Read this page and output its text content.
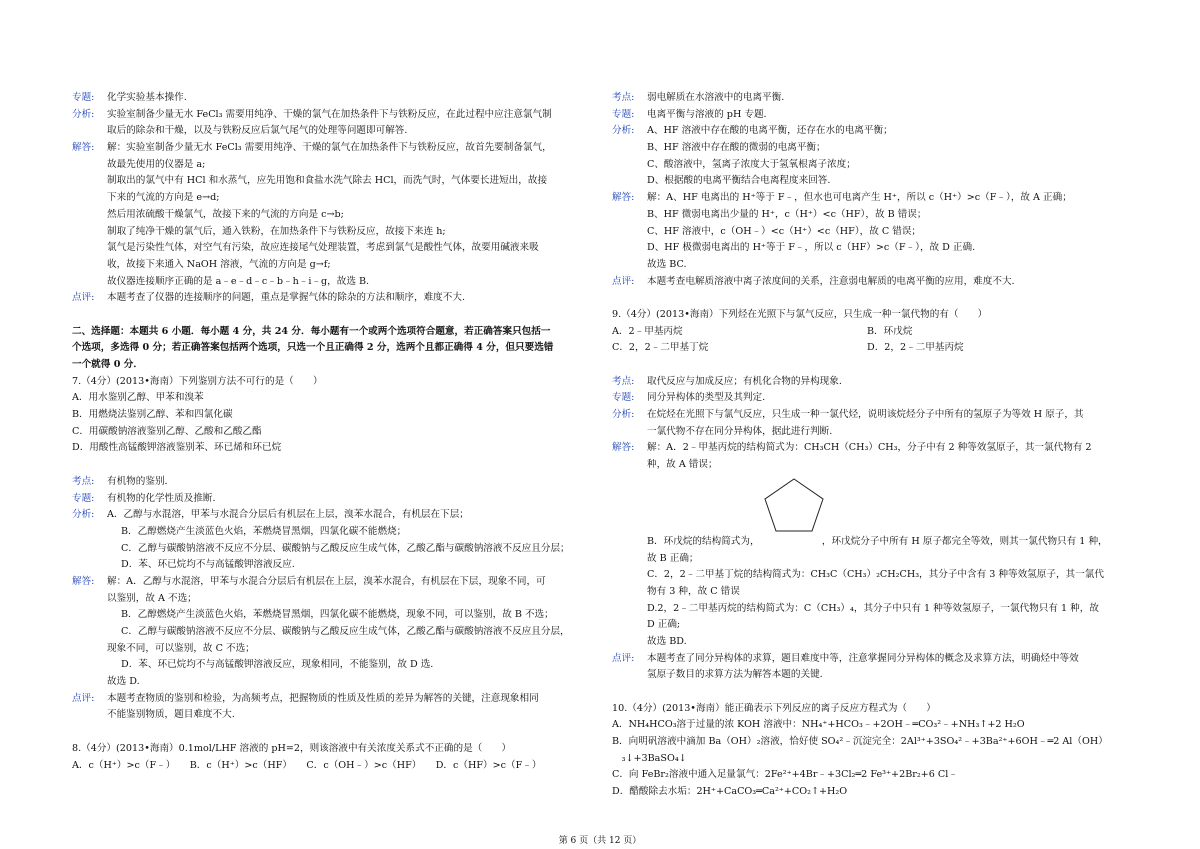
专题: 化学实验基本操作.
分析: 实验室制备少量无水 FeCl₃ 需要用纯净、干燥的氯气在加热条件下与铁粉反应，在此过程中应注意氯气制
取后的除杂和干燥，以及与铁粉反应后氯气尾气的处理等问题即可解答.
解答: 解：实验室制备少量无水 FeCl₃ 需要用纯净、干燥的氯气在加热条件下与铁粉反应，故首先要制备氯气，
故最先使用的仪器是 a;
制取出的氯气中有 HCl 和水蒸气，应先用饱和食盐水洗气除去 HCl，而洗气时，气体要长进短出，故接
下来的气流的方向是 e→d;
然后用浓硫酸干燥氯气，故接下来的气流的方向是 c→b;
制取了纯净干燥的氯气后，通入铁粉，在加热条件下与铁粉反应，故接下来连 h;
氯气是污染性气体，对空气有污染，故应连接尾气处理装置，考虑到氯气是酸性气体，故要用碱液来吸
收，故接下来通入 NaOH 溶液，气流的方向是 g→f;
故仪器连接顺序正确的是 a﹣e﹣d﹣c﹣b﹣h﹣i﹣g，故选 B.
点评: 本题考查了仪器的连接顺序的问题，重点是掌握气体的除杂的方法和顺序，难度不大.
二、选择题：本题共 6 小题．每小题 4 分，共 24 分．每小题有一个或两个选项符合题意，若正确答案只包括一
个选项，多选得 0 分；若正确答案包括两个选项，只选一个且正确得 2 分，选两个且都正确得 4 分，但只要选错
一个就得 0 分．
7.（4分）(2013•海南）下列鉴别方法不可行的是（　　）
A．用水鉴别乙醇、甲苯和溴苯
B．用燃烧法鉴别乙醇、苯和四氯化碳
C．用碳酸钠溶液鉴别乙醇、乙酸和乙酸乙酯
D．用酸性高锰酸钾溶液鉴别苯、环已烯和环已烷
考点: 有机物的鉴别.
专题: 有机物的化学性质及推断.
分析: A．乙醇与水混溶，甲苯与水混合分层后有机层在上层，溴苯水混合，有机层在下层；
B．乙醇燃烧产生淡蓝色火焰，苯燃烧冒黑烟，四氯化碳不能燃烧；
C．乙醇与碳酸钠溶液不反应不分层、碳酸钠与乙酸反应生成气体，乙酸乙酯与碳酸钠溶液不反应且分层；
D．苯、环已烷均不与高锰酸钾溶液反应.
解答: 解：A．乙醇与水混溶，甲苯与水混合分层后有机层在上层，溴苯水混合，有机层在下层，现象不同，可
以鉴别，故 A 不选；
B．乙醇燃烧产生淡蓝色火焰，苯燃烧冒黑烟，四氯化碳不能燃烧，现象不同，可以鉴别，故 B 不选；
C．乙醇与碳酸钠溶液不反应不分层、碳酸钠与乙酸反应生成气体，乙酸乙酯与碳酸钠溶液不反应且分层，
现象不同，可以鉴别，故 C 不选；
D．苯、环已烷均不与高锰酸钾溶液反应，现象相同，不能鉴别，故 D 选.
故选 D.
点评: 本题考查物质的鉴别和检验，为高频考点，把握物质的性质及性质的差异为解答的关键，注意现象相同
不能鉴别物质，题目难度不大.
8.（4分）(2013•海南）0.1mol/LHF 溶液的 pH=2，则该溶液中有关浓度关系式不正确的是（　　）
A．c（H⁺）>c（F﹣）　　B．c（H⁺）>c（HF）　　C．c（OH﹣）>c（HF）　　D．c（HF）>c（F﹣）
考点: 弱电解质在水溶液中的电离平衡.
专题: 电离平衡与溶液的 pH 专题.
分析: A、HF 溶液中存在酸的电离平衡，还存在水的电离平衡；
B、HF 溶液中存在酸的微弱的电离平衡；
C、酸溶液中，氢离子浓度大于氢氧根离子浓度；
D、根据酸的电离平衡结合电离程度来回答.
解答: 解：A、HF 电离出的 H⁺等于 F﹣，但水也可电离产生 H⁺，所以 c（H⁺）>c（F﹣），故 A 正确；
B、HF 微弱电离出少量的 H⁺，c（H⁺）<c（HF），故 B 错误；
C、HF 溶液中，c（OH﹣）<c（H⁺）<c（HF），故 C 错误；
D、HF 极微弱电离出的 H⁺等于 F﹣，所以 c（HF）>c（F﹣），故 D 正确.
故选 BC.
点评: 本题考查电解质溶液中离子浓度间的关系，注意弱电解质的电离平衡的应用，难度不大.
9.（4分）(2013•海南）下列烃在光照下与氯气反应，只生成一种一氯代物的有（　　）
A．2﹣甲基丙烷	B．环戊烷
C．2，2﹣二甲基丁烷	D．2，2﹣二甲基丙烷
考点: 取代反应与加成反应；有机化合物的异构现象.
专题: 同分异构体的类型及其判定.
分析: 在烷烃在光照下与氯气反应，只生成一种一氯代烃，说明该烷烃分子中所有的氢原子为等效 H 原子，其
一氯代物不存在同分异构体，据此进行判断.
解答: 解：A．2﹣甲基丙烷的结构简式为：CH₃CH（CH₃）CH₃，分子中有 2 种等效氢原子，其一氯代物有 2
种，故 A 错误；
B．环戊烷的结构简式为，　　　　　　　，环戊烷分子中所有 H 原子都完全等效，则其一氯代物只有 1 种，
故 B 正确；
C．2，2﹣二甲基丁烷的结构简式为：CH₃C（CH₃）₂CH₂CH₃，其分子中含有 3 种等效氢原子，其一氯代
物有 3 种，故 C 错误
D.2，2﹣二甲基丙烷的结构简式为：C（CH₃）₄，其分子中只有 1 种等效氢原子，一氯代物只有 1 种，故
D 正确;
故选 BD.
点评: 本题考查了同分异构体的求算，题目难度中等，注意掌握同分异构体的概念及求算方法，明确烃中等效
氢原子数目的求算方法为解答本题的关键.
10.（4分）(2013•海南）能正确表示下列反应的离子反应方程式为（　　）
A．NH₄HCO₃溶于过量的浓 KOH 溶液中：NH₄⁺+HCO₃﹣+2OH﹣═CO₃²﹣+NH₃↑+2 H₂O
B．向明矾溶液中滴加 Ba（OH）₂溶液，恰好使 SO₄²﹣沉淀完全：2Al³⁺+3SO₄²﹣+3Ba²⁺+6OH﹣═2 Al（OH）
　₃↓+3BaSO₄↓
C．向 FeBr₂溶液中通入足量氯气：2Fe²⁺+4Br﹣+3Cl₂═2 Fe³⁺+2Br₂+6 Cl﹣
D．醋酸除去水垢：2H⁺+CaCO₃═Ca²⁺+CO₂↑+H₂O
第 6 页（共 12 页）
